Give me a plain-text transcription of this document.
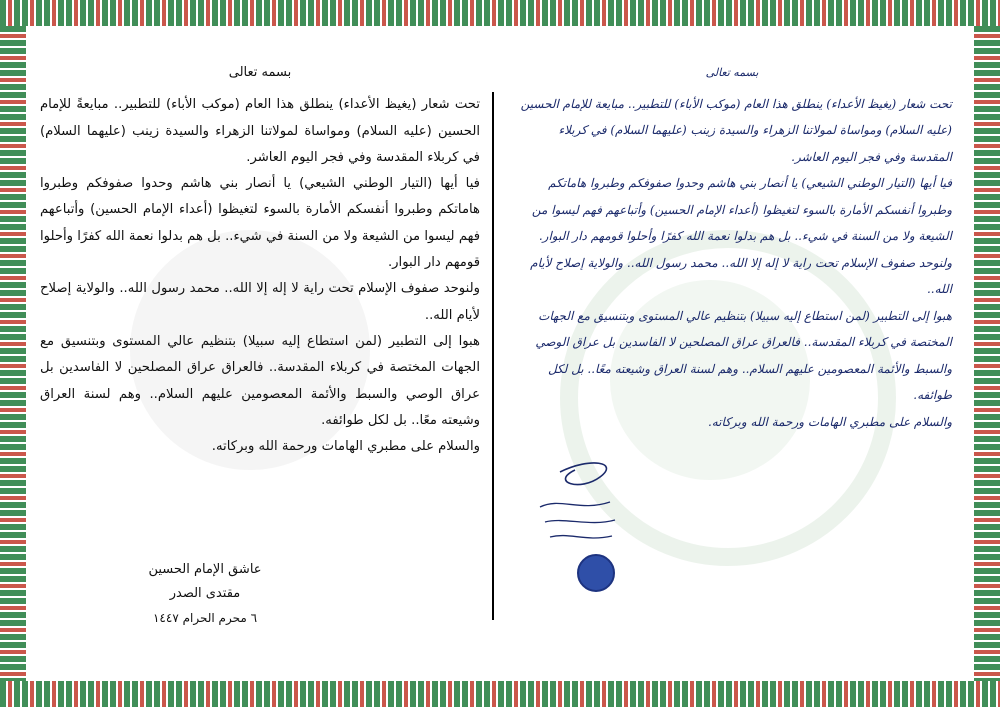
بسمه تعالى

تحت شعار (يغيظ الأعداء) ينطلق هذا العام (موكب الأباء) للتطبير.. مبايعةً للإمام الحسين (عليه السلام) ومواساة لمولاتنا الزهراء والسيدة زينب (عليهما السلام) في كربلاء المقدسة وفي فجر اليوم العاشر.

فيا أيها (التيار الوطني الشيعي) يا أنصار بني هاشم وحدوا صفوفكم وطبروا هاماتكم وطبروا أنفسكم الأمارة بالسوء لتغيظوا (أعداء الإمام الحسين) وأتباعهم فهم ليسوا من الشيعة ولا من السنة في شيء.. بل هم بدلوا نعمة الله كفرًا وأحلوا قومهم دار البوار.

ولنوحد صفوف الإسلام تحت راية لا إله إلا الله.. محمد رسول الله.. والولاية إصلاح لأيام الله..

هبوا إلى التطبير (لمن استطاع إليه سبيلا) بتنظيم عالي المستوى وبتنسيق مع الجهات المختصة في كربلاء المقدسة.. فالعراق عراق المصلحين لا الفاسدين بل عراق الوصي والسبط والأئمة المعصومين عليهم السلام.. وهم لسنة العراق وشيعته معًا.. بل لكل طوائفه.

والسلام على مطبري الهامات ورحمة الله وبركاته.

عاشق الإمام الحسين
مقتدى الصدر
٦ محرم الحرام ١٤٤٧
بسمه تعالى

تحت شعار (يغيظ الأعداء) ينطلق هذا العام (موكب الأباء) للتطبير.. مبايعة للإمام الحسين (عليه السلام) ومواساة لمولاتنا الزهراء والسيدة زينب (عليهما السلام) في كربلاء المقدسة وفي فجر اليوم العاشر.

فيا أيها (التيار الوطني الشيعي) يا أنصار بني هاشم وحدوا صفوفكم وطبروا هاماتكم وطبروا أنفسكم الأمارة بالسوء لتغيظوا (أعداء الإمام الحسين) وأتباعهم فهم ليسوا من الشيعة ولا من السنة في شيء.. بل هم بدلوا نعمة الله كفرًا وأحلوا قومهم دار البوار.

ولنوحد صفوف الإسلام تحت راية لا إله إلا الله.. محمد رسول الله.. والولاية إصلاح لأيام الله..

هبوا إلى التطبير (لمن استطاع إليه سبيلا) بتنظيم عالي المستوى وبتنسيق مع الجهات المختصة في كربلاء المقدسة.. فالعراق عراق المصلحين لا الفاسدين بل عراق الوصي والسبط والأئمة المعصومين عليهم السلام.. وهم لسنة العراق وشيعته معًا.. بل لكل طوائفه.

والسلام على مطبري الهامات ورحمة الله وبركاته.
